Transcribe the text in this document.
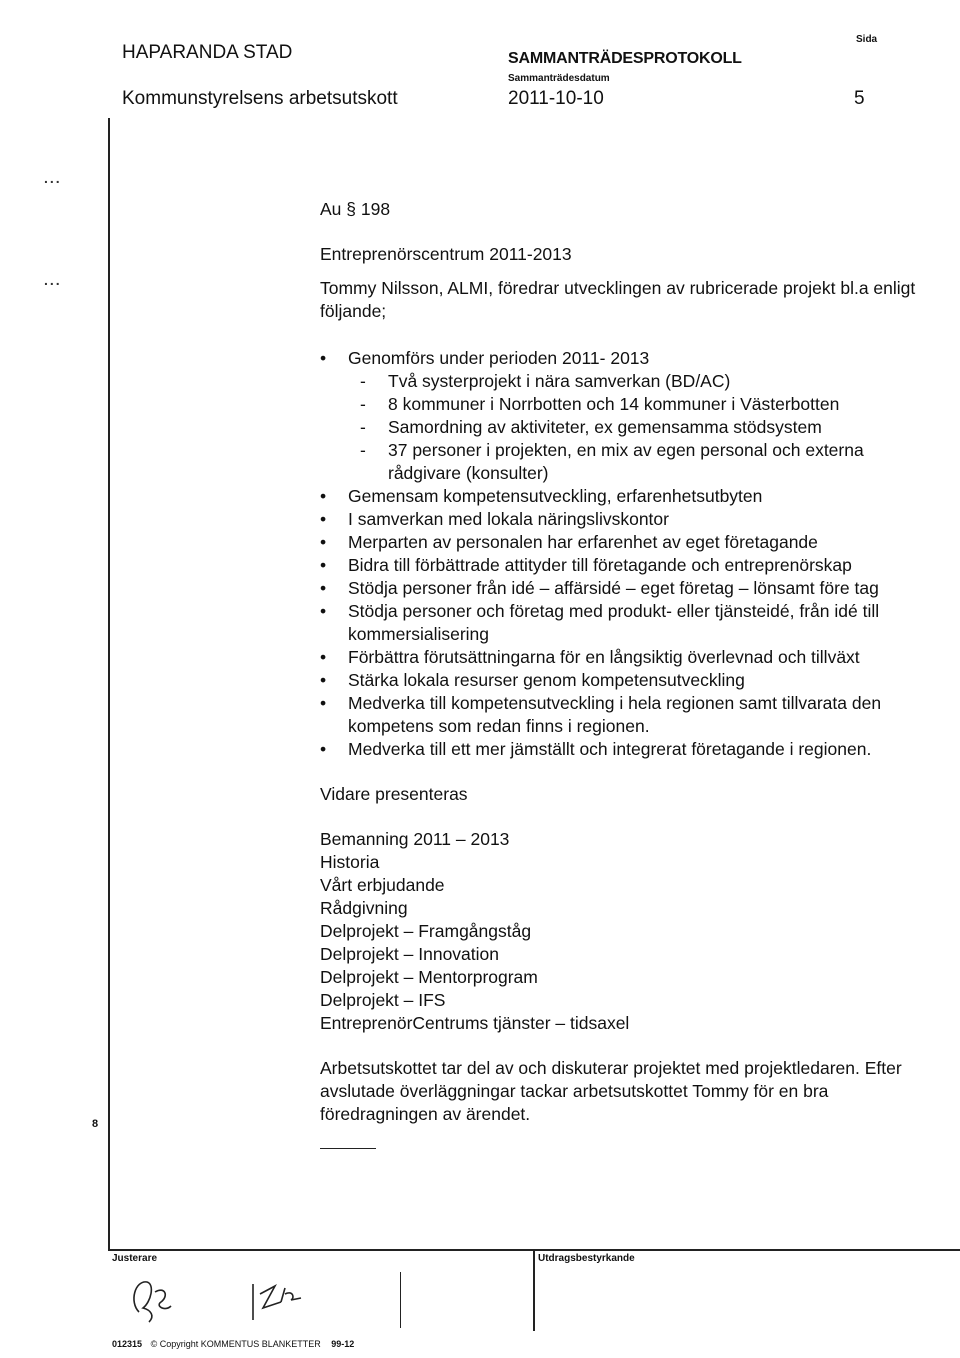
HAPARANDA STAD
Kommunstyrelsens arbetsutskott
SAMMANTRÄDESPROTOKOLL
Sammanträdesdatum
2011-10-10
Sida
5
...
...
8
Au § 198
Entreprenörscentrum 2011-2013
Tommy Nilsson, ALMI, föredrar utvecklingen av rubricerade projekt bl.a enligt följande;
• Genomförs under perioden 2011- 2013
- Två systerprojekt i nära samverkan (BD/AC)
- 8 kommuner i Norrbotten och 14 kommuner i Västerbotten
- Samordning av aktiviteter, ex gemensamma stödsystem
- 37 personer i projekten, en mix av egen personal och externa rådgivare (konsulter)
• Gemensam kompetensutveckling, erfarenhetsutbyten
• I samverkan med lokala näringslivskontor
• Merparten av personalen har erfarenhet av eget företagande
• Bidra till förbättrade attityder till företagande och entreprenörskap
• Stödja personer från idé – affärsidé – eget företag – lönsamt före tag
• Stödja personer och företag med produkt- eller tjänsteidé, från idé till kommersialisering
• Förbättra förutsättningarna för en långsiktig överlevnad och tillväxt
• Stärka lokala resurser genom kompetensutveckling
• Medverka till kompetensutveckling i hela regionen samt tillvarata den kompetens som redan finns i regionen.
• Medverka till ett mer jämställt och integrerat företagande i regionen.
Vidare presenteras
Bemanning 2011 – 2013
Historia
Vårt erbjudande
Rådgivning
Delprojekt – Framgångståg
Delprojekt – Innovation
Delprojekt – Mentorprogram
Delprojekt – IFS
EntreprenörCentrums tjänster – tidsaxel
Arbetsutskottet tar del av och diskuterar projektet med projektledaren. Efter avslutade överläggningar tackar arbetsutskottet Tommy för en bra föredragningen av ärendet.
Justerare	Utdragsbestyrkande
012315 © Copyright KOMMENTUS BLANKETTER 99-12
